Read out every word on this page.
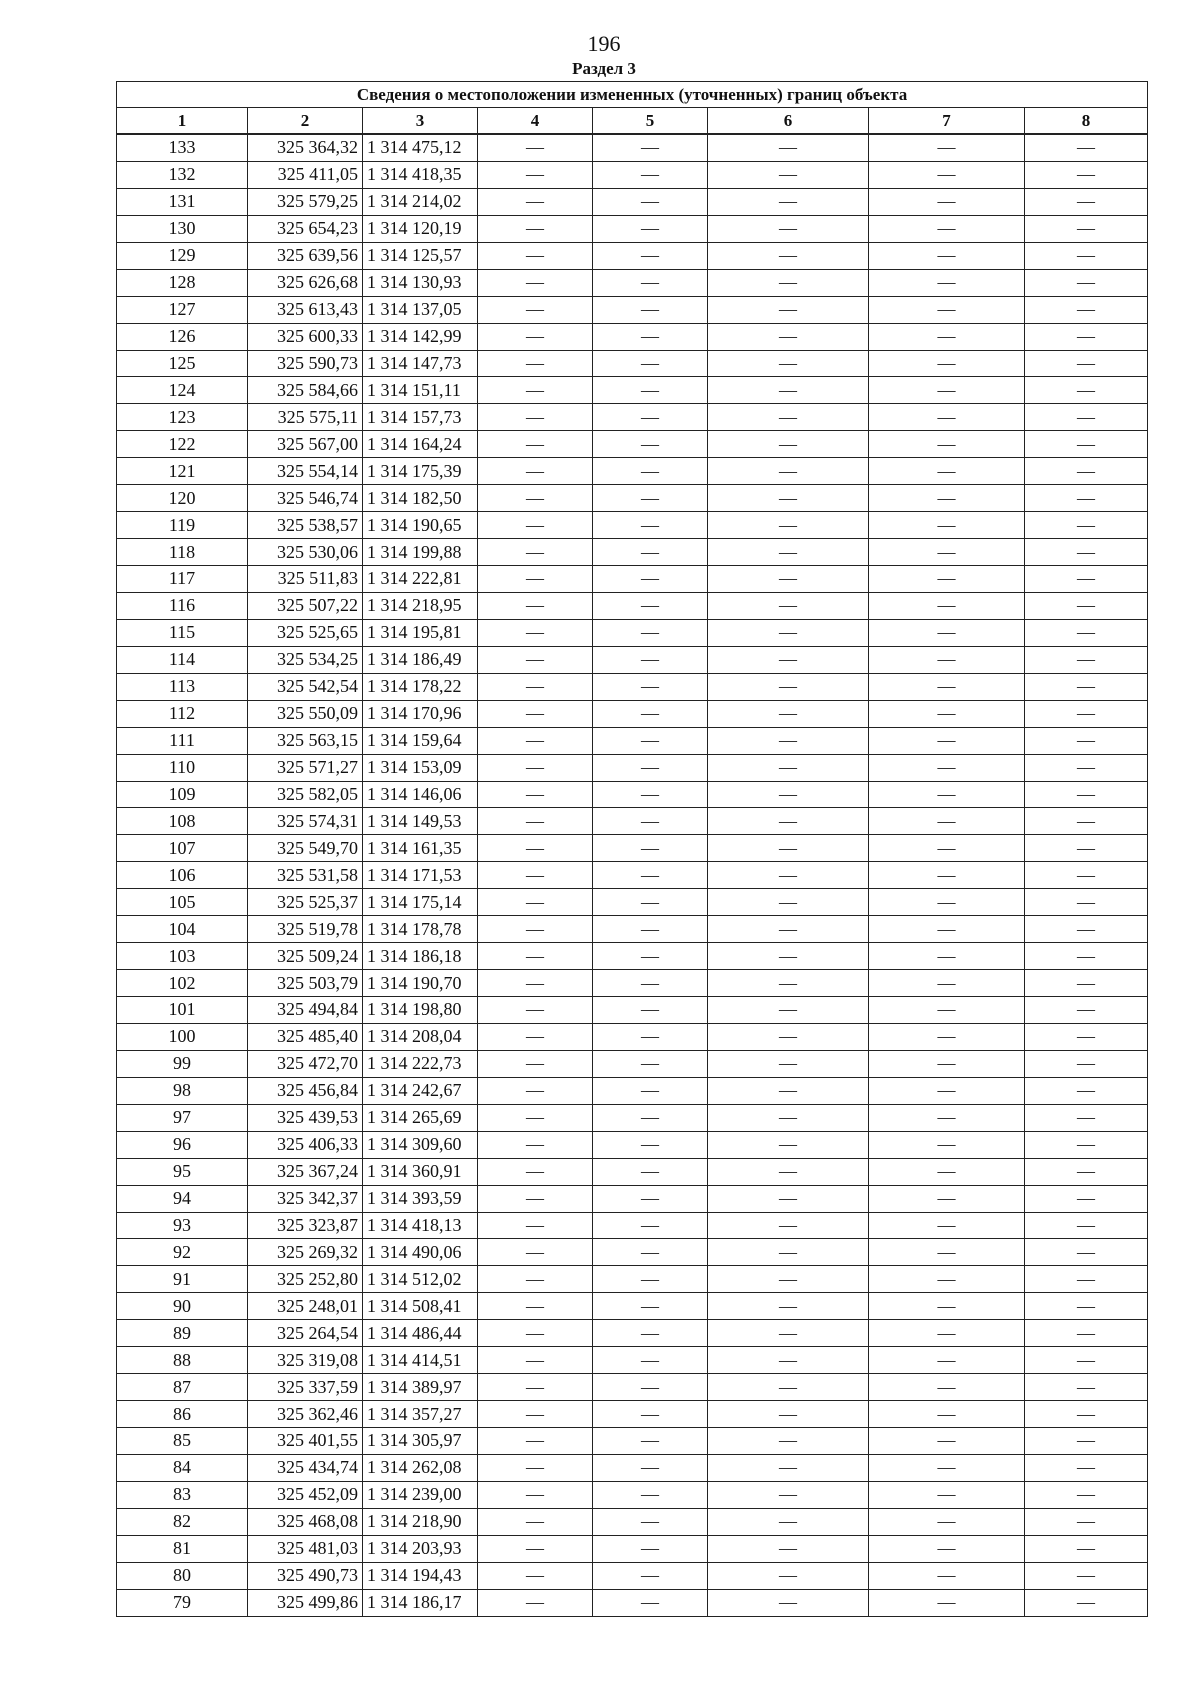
196
Раздел 3
Сведения о местоположении измененных (уточненных) границ объекта							
1	2	3	4	5	6	7	8
133	325 364,32	1 314 475,12	—	—	—	—	—
132	325 411,05	1 314 418,35	—	—	—	—	—
131	325 579,25	1 314 214,02	—	—	—	—	—
130	325 654,23	1 314 120,19	—	—	—	—	—
129	325 639,56	1 314 125,57	—	—	—	—	—
128	325 626,68	1 314 130,93	—	—	—	—	—
127	325 613,43	1 314 137,05	—	—	—	—	—
126	325 600,33	1 314 142,99	—	—	—	—	—
125	325 590,73	1 314 147,73	—	—	—	—	—
124	325 584,66	1 314 151,11	—	—	—	—	—
123	325 575,11	1 314 157,73	—	—	—	—	—
122	325 567,00	1 314 164,24	—	—	—	—	—
121	325 554,14	1 314 175,39	—	—	—	—	—
120	325 546,74	1 314 182,50	—	—	—	—	—
119	325 538,57	1 314 190,65	—	—	—	—	—
118	325 530,06	1 314 199,88	—	—	—	—	—
117	325 511,83	1 314 222,81	—	—	—	—	—
116	325 507,22	1 314 218,95	—	—	—	—	—
115	325 525,65	1 314 195,81	—	—	—	—	—
114	325 534,25	1 314 186,49	—	—	—	—	—
113	325 542,54	1 314 178,22	—	—	—	—	—
112	325 550,09	1 314 170,96	—	—	—	—	—
111	325 563,15	1 314 159,64	—	—	—	—	—
110	325 571,27	1 314 153,09	—	—	—	—	—
109	325 582,05	1 314 146,06	—	—	—	—	—
108	325 574,31	1 314 149,53	—	—	—	—	—
107	325 549,70	1 314 161,35	—	—	—	—	—
106	325 531,58	1 314 171,53	—	—	—	—	—
105	325 525,37	1 314 175,14	—	—	—	—	—
104	325 519,78	1 314 178,78	—	—	—	—	—
103	325 509,24	1 314 186,18	—	—	—	—	—
102	325 503,79	1 314 190,70	—	—	—	—	—
101	325 494,84	1 314 198,80	—	—	—	—	—
100	325 485,40	1 314 208,04	—	—	—	—	—
99	325 472,70	1 314 222,73	—	—	—	—	—
98	325 456,84	1 314 242,67	—	—	—	—	—
97	325 439,53	1 314 265,69	—	—	—	—	—
96	325 406,33	1 314 309,60	—	—	—	—	—
95	325 367,24	1 314 360,91	—	—	—	—	—
94	325 342,37	1 314 393,59	—	—	—	—	—
93	325 323,87	1 314 418,13	—	—	—	—	—
92	325 269,32	1 314 490,06	—	—	—	—	—
91	325 252,80	1 314 512,02	—	—	—	—	—
90	325 248,01	1 314 508,41	—	—	—	—	—
89	325 264,54	1 314 486,44	—	—	—	—	—
88	325 319,08	1 314 414,51	—	—	—	—	—
87	325 337,59	1 314 389,97	—	—	—	—	—
86	325 362,46	1 314 357,27	—	—	—	—	—
85	325 401,55	1 314 305,97	—	—	—	—	—
84	325 434,74	1 314 262,08	—	—	—	—	—
83	325 452,09	1 314 239,00	—	—	—	—	—
82	325 468,08	1 314 218,90	—	—	—	—	—
81	325 481,03	1 314 203,93	—	—	—	—	—
80	325 490,73	1 314 194,43	—	—	—	—	—
79	325 499,86	1 314 186,17	—	—	—	—	—
